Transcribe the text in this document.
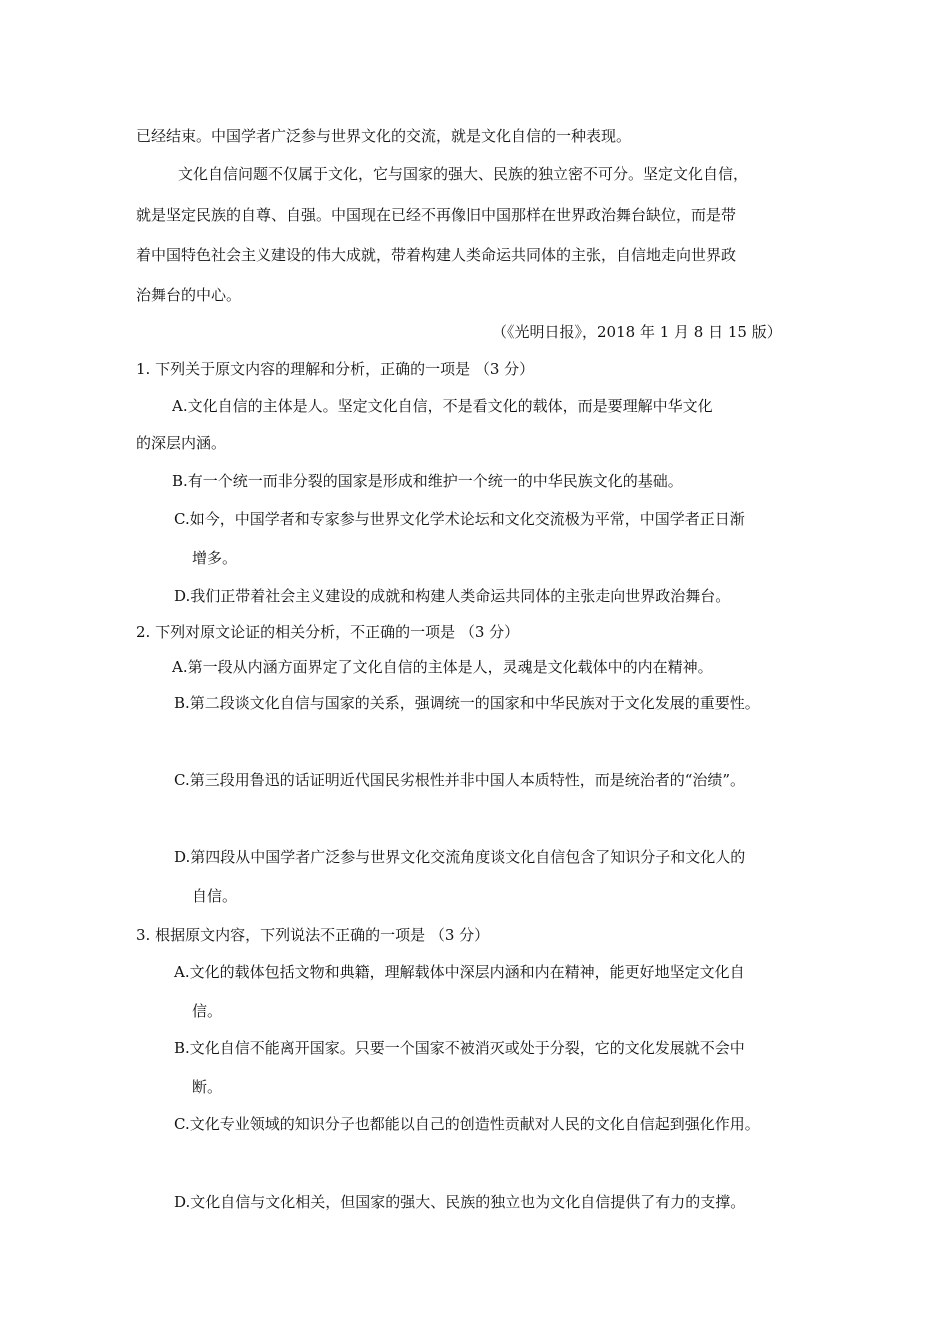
已经结束。中国学者广泛参与世界文化的交流，就是文化自信的一种表现。
文化自信问题不仅属于文化，它与国家的强大、民族的独立密不可分。坚定文化自信，
就是坚定民族的自尊、自强。中国现在已经不再像旧中国那样在世界政治舞台缺位，而是带
着中国特色社会主义建设的伟大成就，带着构建人类命运共同体的主张，自信地走向世界政
治舞台的中心。
（《光明日报》，2018 年 1 月 8 日 15 版）
1. 下列关于原文内容的理解和分析，正确的一项是 （3 分）
A.文化自信的主体是人。坚定文化自信，不是看文化的载体，而是要理解中华文化
的深层内涵。
B.有一个统一而非分裂的国家是形成和维护一个统一的中华民族文化的基础。
C.如今，中国学者和专家参与世界文化学术论坛和文化交流极为平常，中国学者正日渐
增多。
D.我们正带着社会主义建设的成就和构建人类命运共同体的主张走向世界政治舞台。
2. 下列对原文论证的相关分析，不正确的一项是 （3 分）
A.第一段从内涵方面界定了文化自信的主体是人，灵魂是文化载体中的内在精神。
B.第二段谈文化自信与国家的关系，强调统一的国家和中华民族对于文化发展的重要性。
C.第三段用鲁迅的话证明近代国民劣根性并非中国人本质特性，而是统治者的“治绩”。
D.第四段从中国学者广泛参与世界文化交流角度谈文化自信包含了知识分子和文化人的
自信。
3. 根据原文内容，下列说法不正确的一项是 （3 分）
A.文化的载体包括文物和典籍，理解载体中深层内涵和内在精神，能更好地坚定文化自
信。
B.文化自信不能离开国家。只要一个国家不被消灭或处于分裂，它的文化发展就不会中
断。
C.文化专业领域的知识分子也都能以自己的创造性贡献对人民的文化自信起到强化作用。
D.文化自信与文化相关，但国家的强大、民族的独立也为文化自信提供了有力的支撑。
